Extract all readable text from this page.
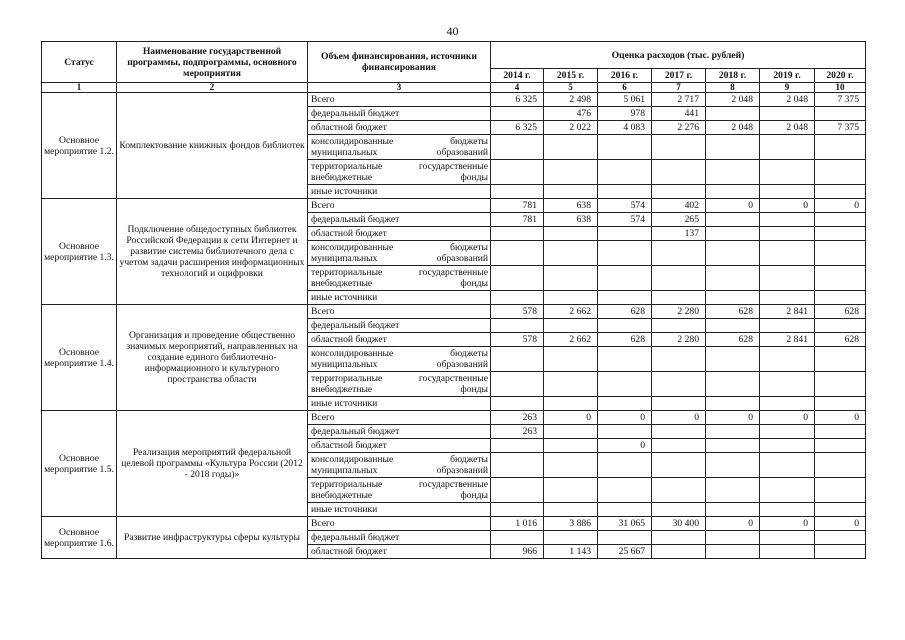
40
Статус	Наименование государственной программы, подпрограммы, основного мероприятия	Объем финансирования, источники финансирования	Оценка расходов (тыс. рублей)						
			2014 г.	2015 г.	2016 г.	2017 г.	2018 г.	2019 г.	2020 г.
1	2	3	4	5	6	7	8	9	10
Основное мероприятие 1.2.	Комплектование книжных фондов библиотек	Всего	6 325	2 498	5 061	2 717	2 048	2 048	7 375
		федеральный бюджет		476	978	441			
		областной бюджет	6 325	2 022	4 083	2 276	2 048	2 048	7 375
		консолидированные бюджеты муниципальных образований							
		территориальные государственные внебюджетные фонды							
		иные источники							
Основное мероприятие 1.3.	Подключение общедоступных библиотек Российской Федерации к сети Интернет и развитие системы библиотечного дела с учетом задачи расширения информационных технологий и оцифровки	Всего	781	638	574	402	0	0	0
		федеральный бюджет	781	638	574	265			
		областной бюджет				137			
		консолидированные бюджеты муниципальных образований							
		территориальные государственные внебюджетные фонды							
		иные источники							
Основное мероприятие 1.4.	Организация и проведение общественно значимых мероприятий, направленных на создание единого библиотечно-информационного и культурного пространства области	Всего	578	2 662	628	2 280	628	2 841	628
		федеральный бюджет							
		областной бюджет	578	2 662	628	2 280	628	2 841	628
		консолидированные бюджеты муниципальных образований							
		территориальные государственные внебюджетные фонды							
		иные источники							
Основное мероприятие 1.5.	Реализация мероприятий федеральной целевой программы «Культура России (2012 - 2018 годы)»	Всего	263	0	0	0	0	0	0
		федеральный бюджет	263						
		областной бюджет			0				
		консолидированные бюджеты муниципальных образований							
		территориальные государственные внебюджетные фонды							
		иные источники							
Основное мероприятие 1.6.	Развитие инфраструктуры сферы культуры	Всего	1 016	3 886	31 065	30 400	0	0	0
		федеральный бюджет							
		областной бюджет	966	1 143	25 667				
